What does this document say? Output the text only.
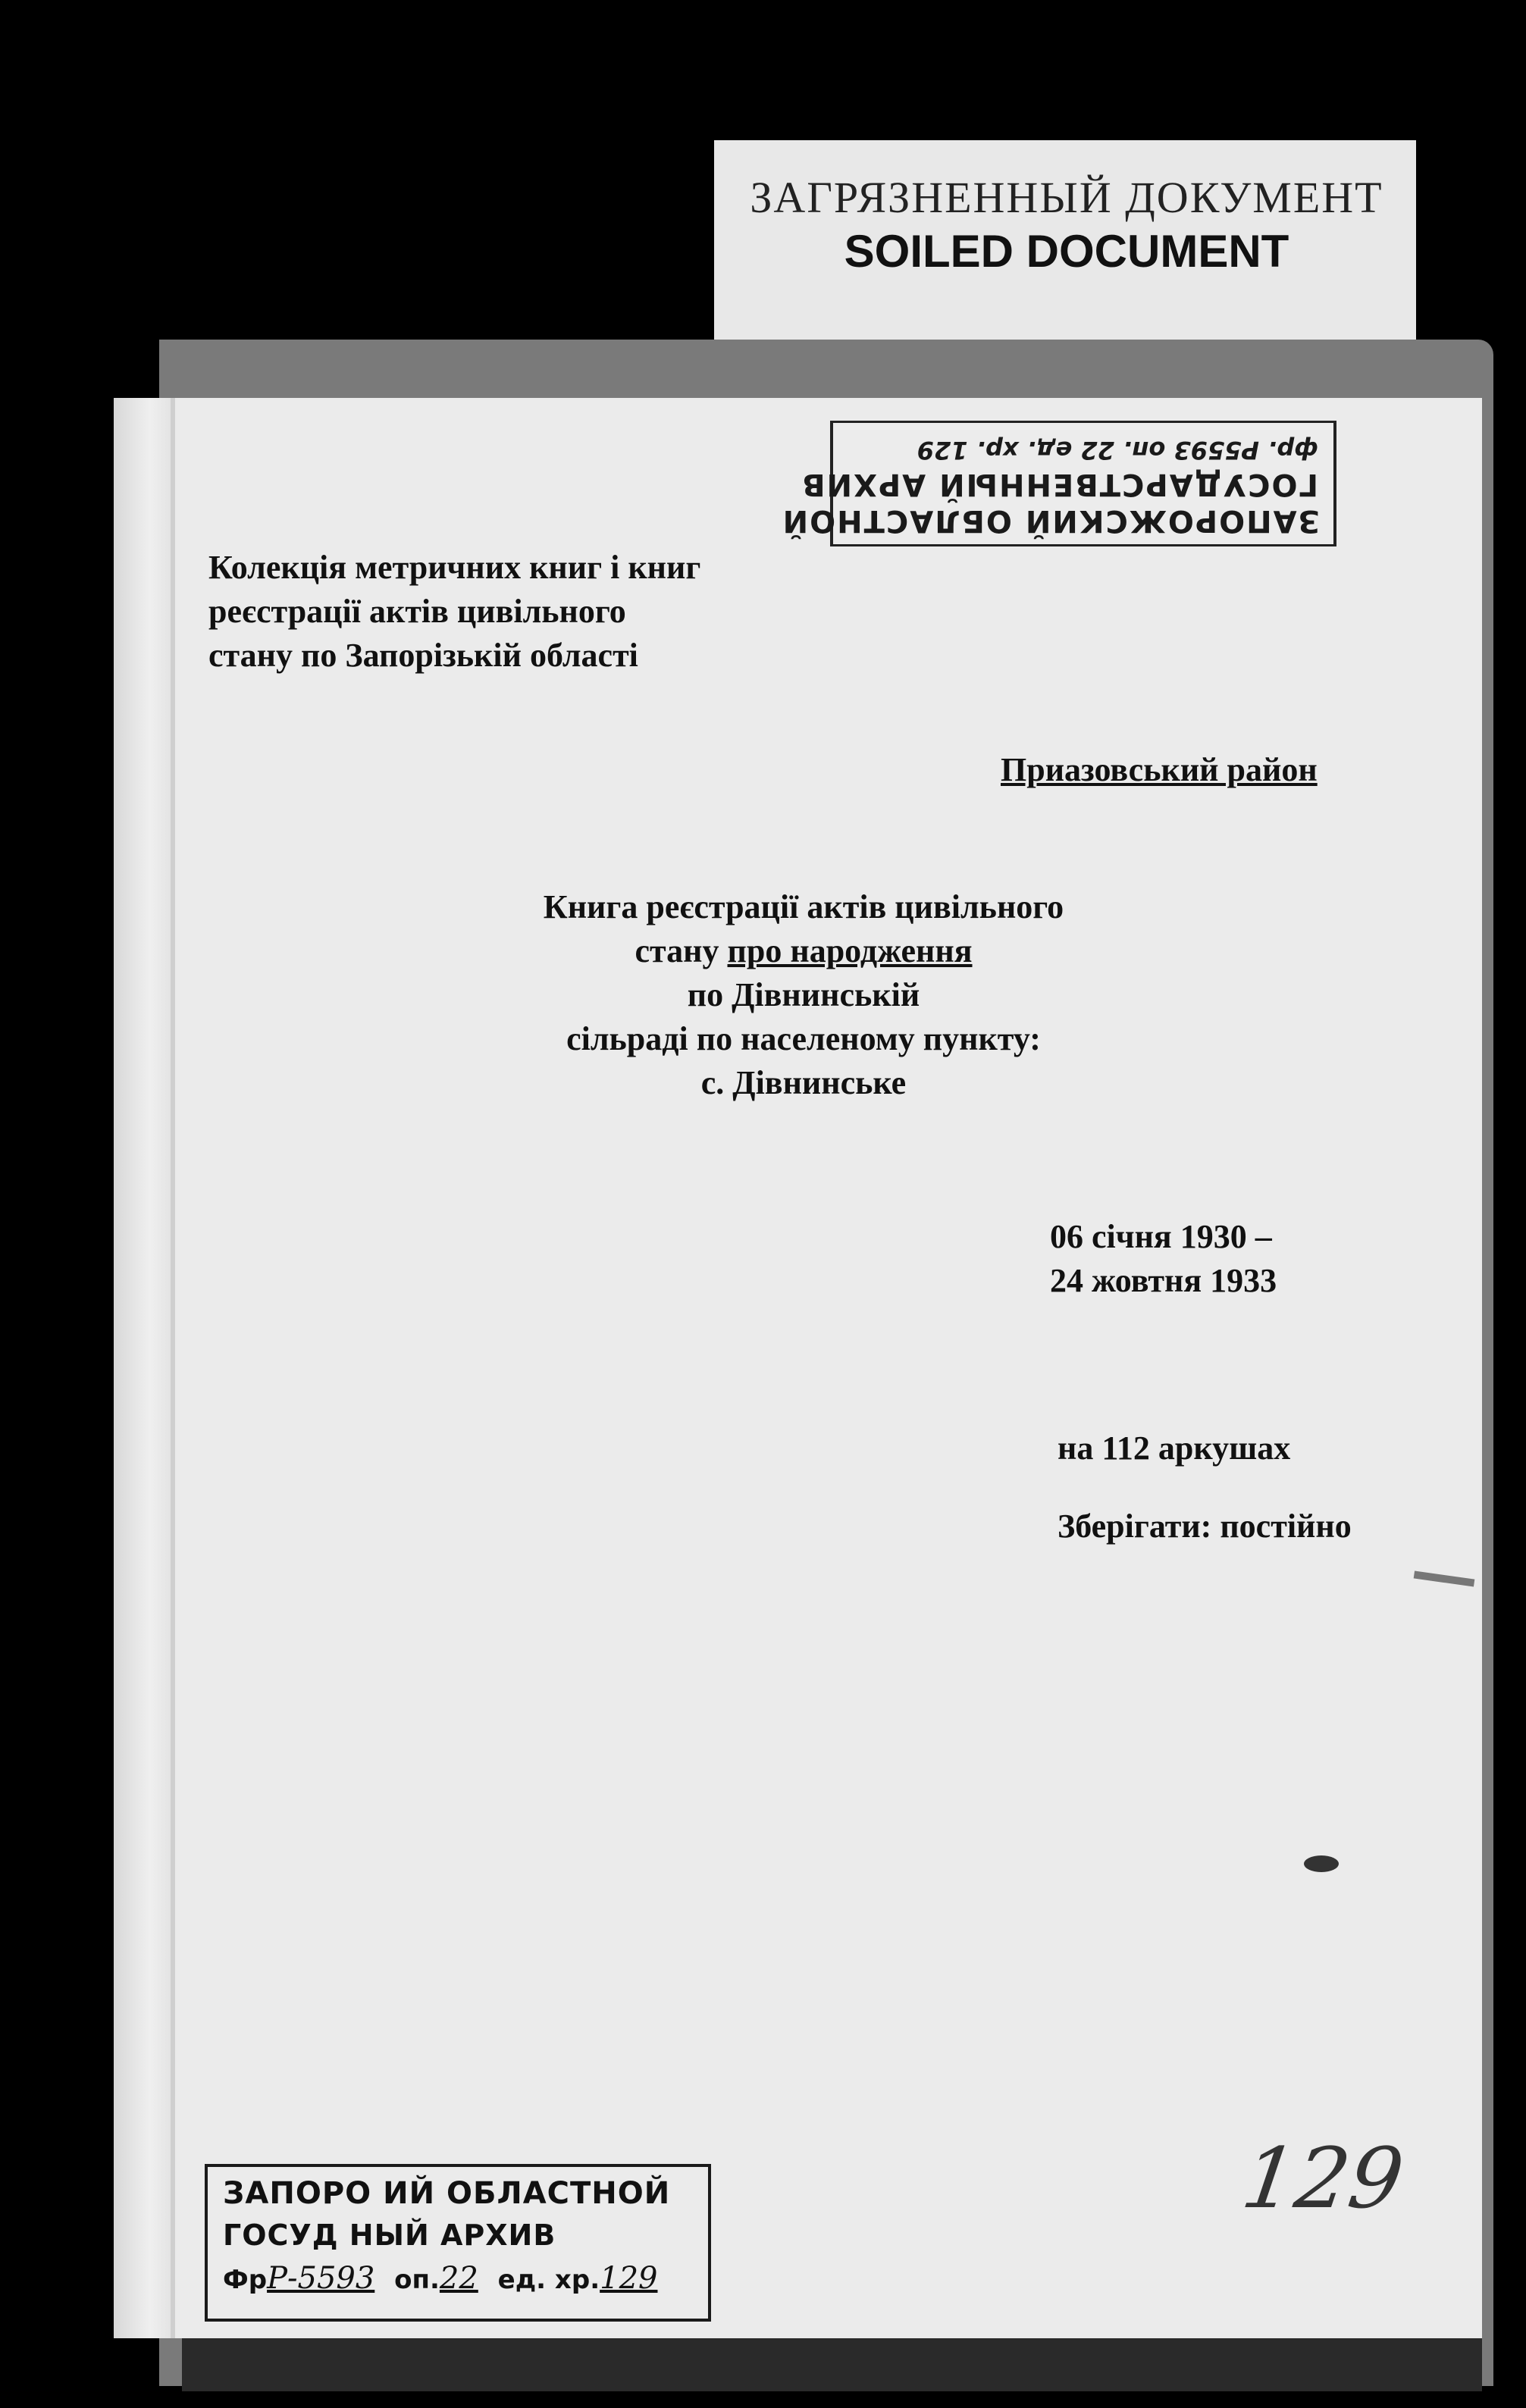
ЗАГРЯЗНЕННЫЙ ДОКУМЕНТ
SOILED DOCUMENT
ЗАПОРОЖСКИЙ ОБЛАСТНОЙ
ГОСУДАРСТВЕННЫЙ АРХИВ
фр. Р5593 оп. 22 ед. хр. 129
Колекція метричних книг і книг
реєстрації актів цивільного
стану по Запорізькій області
Приазовський район
Книга реєстрації актів цивільного
стану про народження
по Дівнинській
сільраді по населеному пункту:
с. Дівнинське
06 січня 1930 –
24 жовтня 1933
на 112 аркушах
Зберігати: постійно
129
ЗАПОРО ИЙ ОБЛАСТНОЙ
ГОСУД НЫЙ АРХИВ
ФрР-5593 оп.22 ед. хр.129
